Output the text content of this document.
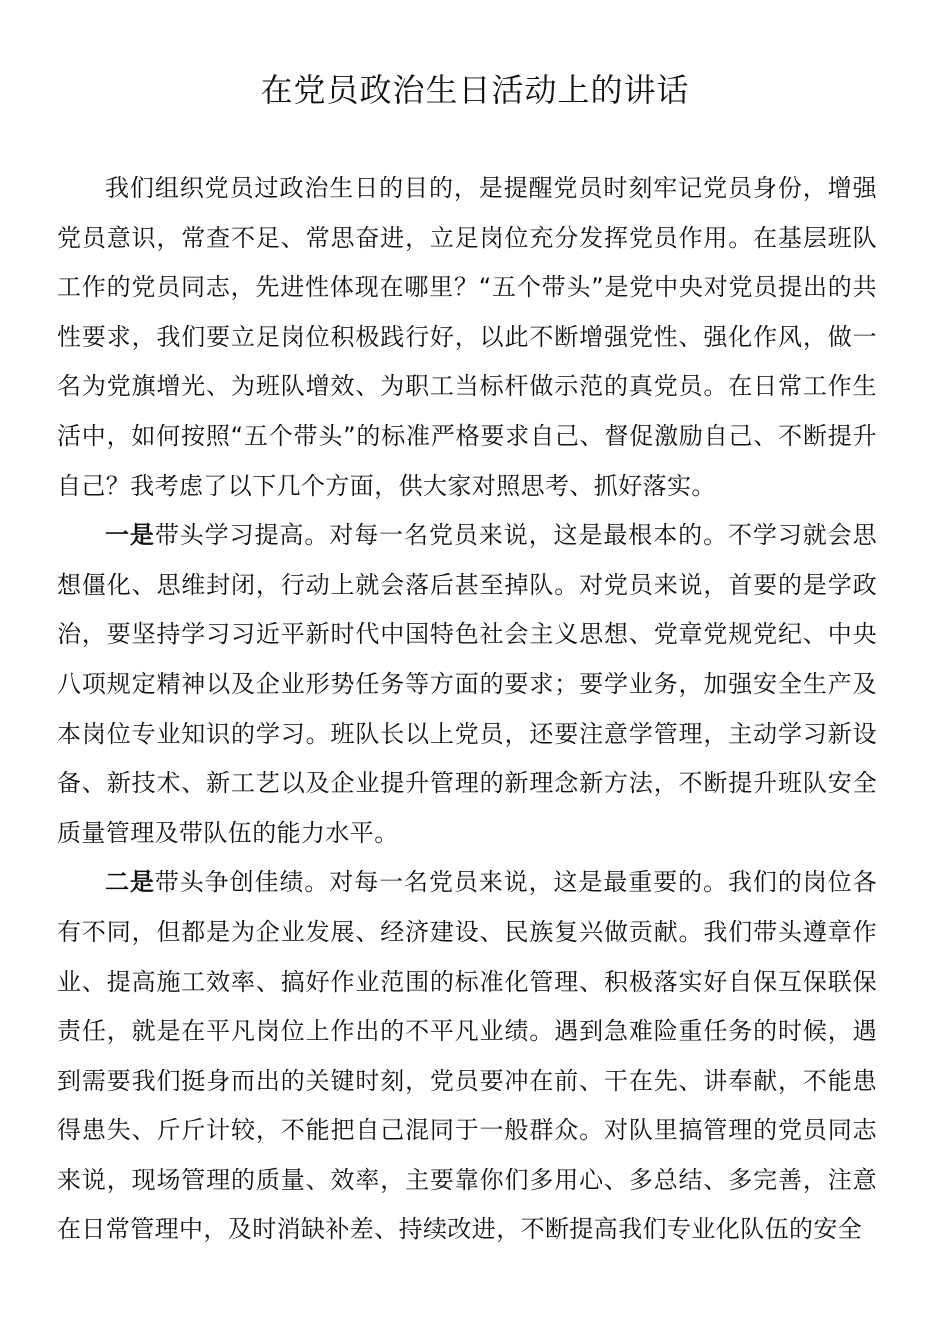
在党员政治生日活动上的讲话

我们组织党员过政治生日的目的，是提醒党员时刻牢记党员身份，增强党员意识，常查不足、常思奋进，立足岗位充分发挥党员作用。在基层班队工作的党员同志，先进性体现在哪里？“五个带头”是党中央对党员提出的共性要求，我们要立足岗位积极践行好，以此不断增强党性、强化作风，做一名为党旗增光、为班队增效、为职工当标杆做示范的真党员。在日常工作生活中，如何按照“五个带头”的标准严格要求自己、督促激励自己、不断提升自己？我考虑了以下几个方面，供大家对照思考、抓好落实。

一是带头学习提高。对每一名党员来说，这是最根本的。不学习就会思想僵化、思维封闭，行动上就会落后甚至掉队。对党员来说，首要的是学政治，要坚持学习习近平新时代中国特色社会主义思想、党章党规党纪、中央八项规定精神以及企业形势任务等方面的要求；要学业务，加强安全生产及本岗位专业知识的学习。班队长以上党员，还要注意学管理，主动学习新设备、新技术、新工艺以及企业提升管理的新理念新方法，不断提升班队安全质量管理及带队伍的能力水平。

二是带头争创佳绩。对每一名党员来说，这是最重要的。我们的岗位各有不同，但都是为企业发展、经济建设、民族复兴做贡献。我们带头遵章作业、提高施工效率、搞好作业范围的标准化管理、积极落实好自保互保联保责任，就是在平凡岗位上作出的不平凡业绩。遇到急难险重任务的时候，遇到需要我们挺身而出的关键时刻，党员要冲在前、干在先、讲奉献，不能患得患失、斤斤计较，不能把自己混同于一般群众。对队里搞管理的党员同志来说，现场管理的质量、效率，主要靠你们多用心、多总结、多完善，注意在日常管理中，及时消缺补差、持续改进，不断提高我们专业化队伍的安全
